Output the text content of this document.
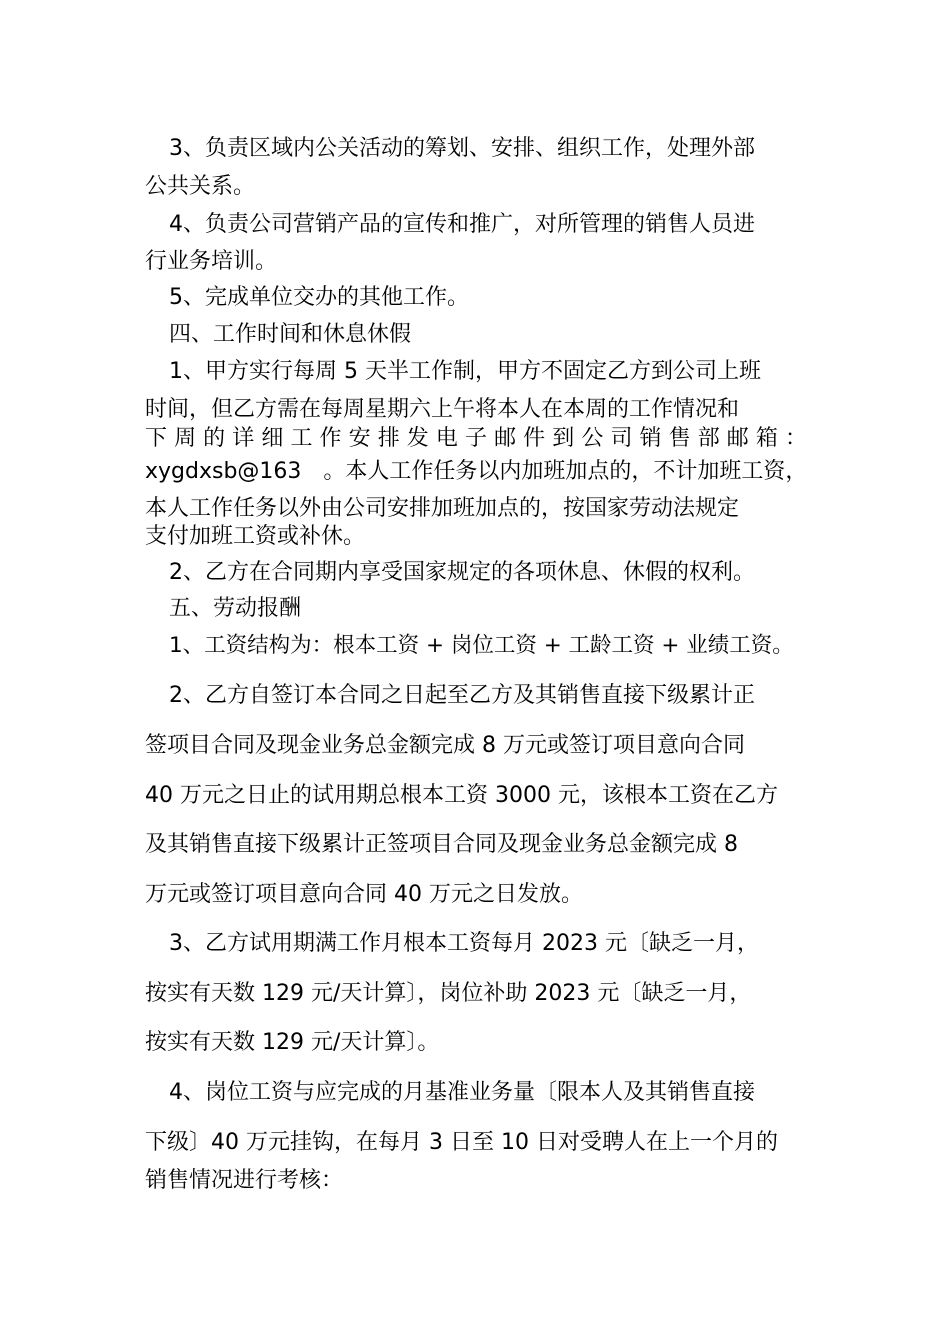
3、负责区域内公关活动的筹划、安排、组织工作，处理外部
公共关系。
4、负责公司营销产品的宣传和推广，对所管理的销售人员进
行业务培训。
5、完成单位交办的其他工作。
四、工作时间和休息休假
1、甲方实行每周 5 天半工作制，甲方不固定乙方到公司上班
时间，但乙方需在每周星期六上午将本人在本周的工作情况和
下周的详细工作安排发电子邮件到公司销售部邮箱：
xygdxsb@163　。本人工作任务以内加班加点的，不计加班工资，
本人工作任务以外由公司安排加班加点的，按国家劳动法规定
支付加班工资或补休。
2、乙方在合同期内享受国家规定的各项休息、休假的权利。
五、劳动报酬
1、工资结构为：根本工资 + 岗位工资 + 工龄工资 + 业绩工资。
2、乙方自签订本合同之日起至乙方及其销售直接下级累计正
签项目合同及现金业务总金额完成 8 万元或签订项目意向合同
40 万元之日止的试用期总根本工资 3000 元，该根本工资在乙方
及其销售直接下级累计正签项目合同及现金业务总金额完成 8
万元或签订项目意向合同 40 万元之日发放。
3、乙方试用期满工作月根本工资每月 2023 元〔缺乏一月，
按实有天数 129 元/天计算〕，岗位补助 2023 元〔缺乏一月，
按实有天数 129 元/天计算〕。
4、岗位工资与应完成的月基准业务量〔限本人及其销售直接
下级〕40 万元挂钩，在每月 3 日至 10 日对受聘人在上一个月的
销售情况进行考核：
